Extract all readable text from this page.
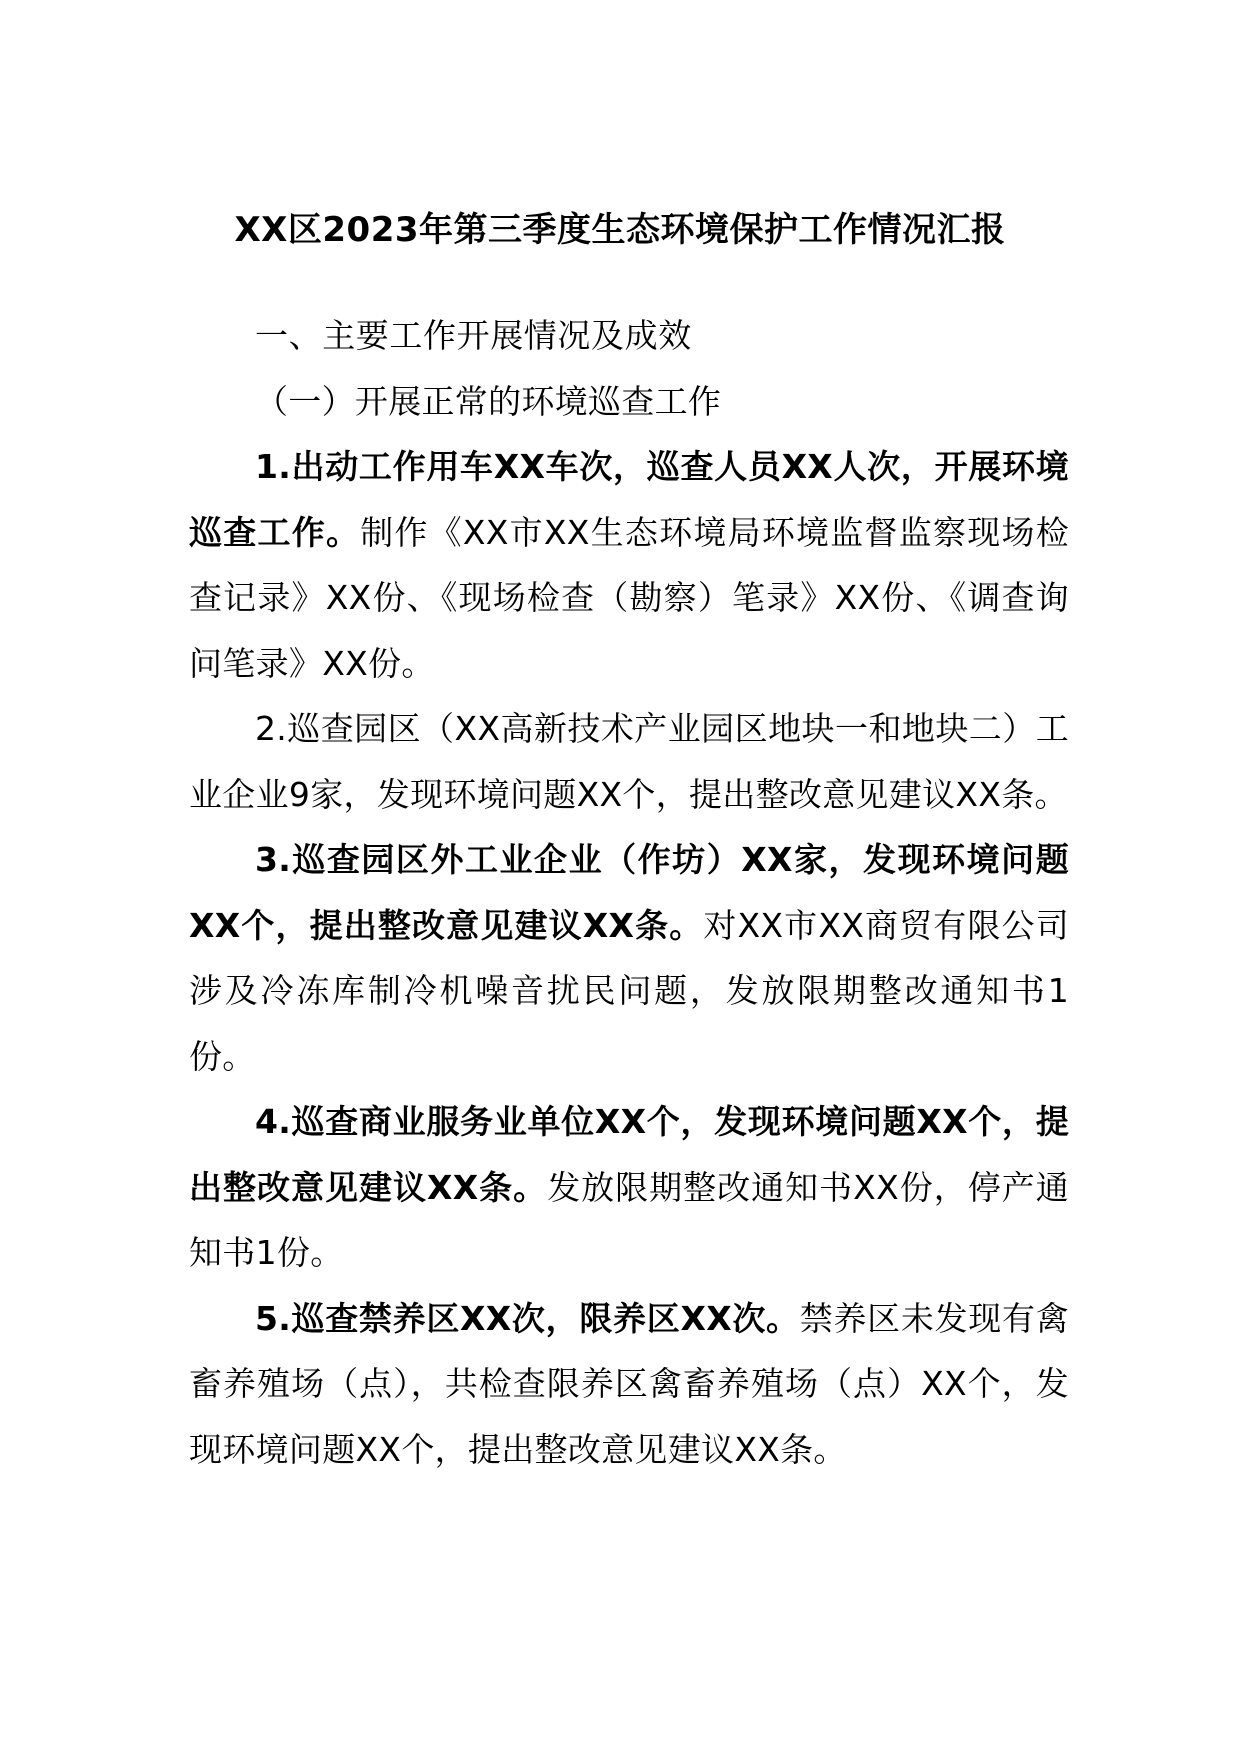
XX区2023年第三季度生态环境保护工作情况汇报

一、主要工作开展情况及成效

（一）开展正常的环境巡查工作

1.出动工作用车XX车次，巡查人员XX人次，开展环境巡查工作。制作《XX市XX生态环境局环境监督监察现场检查记录》XX份、《现场检查（勘察）笔录》XX份、《调查询问笔录》XX份。

2.巡查园区（XX高新技术产业园区地块一和地块二）工业企业9家，发现环境问题XX个，提出整改意见建议XX条。

3.巡查园区外工业企业（作坊）XX家，发现环境问题XX个，提出整改意见建议XX条。对XX市XX商贸有限公司涉及冷冻库制冷机噪音扰民问题，发放限期整改通知书1份。

4.巡查商业服务业单位XX个，发现环境问题XX个，提出整改意见建议XX条。发放限期整改通知书XX份，停产通知书1份。

5.巡查禁养区XX次，限养区XX次。禁养区未发现有禽畜养殖场（点），共检查限养区禽畜养殖场（点）XX个，发现环境问题XX个，提出整改意见建议XX条。
